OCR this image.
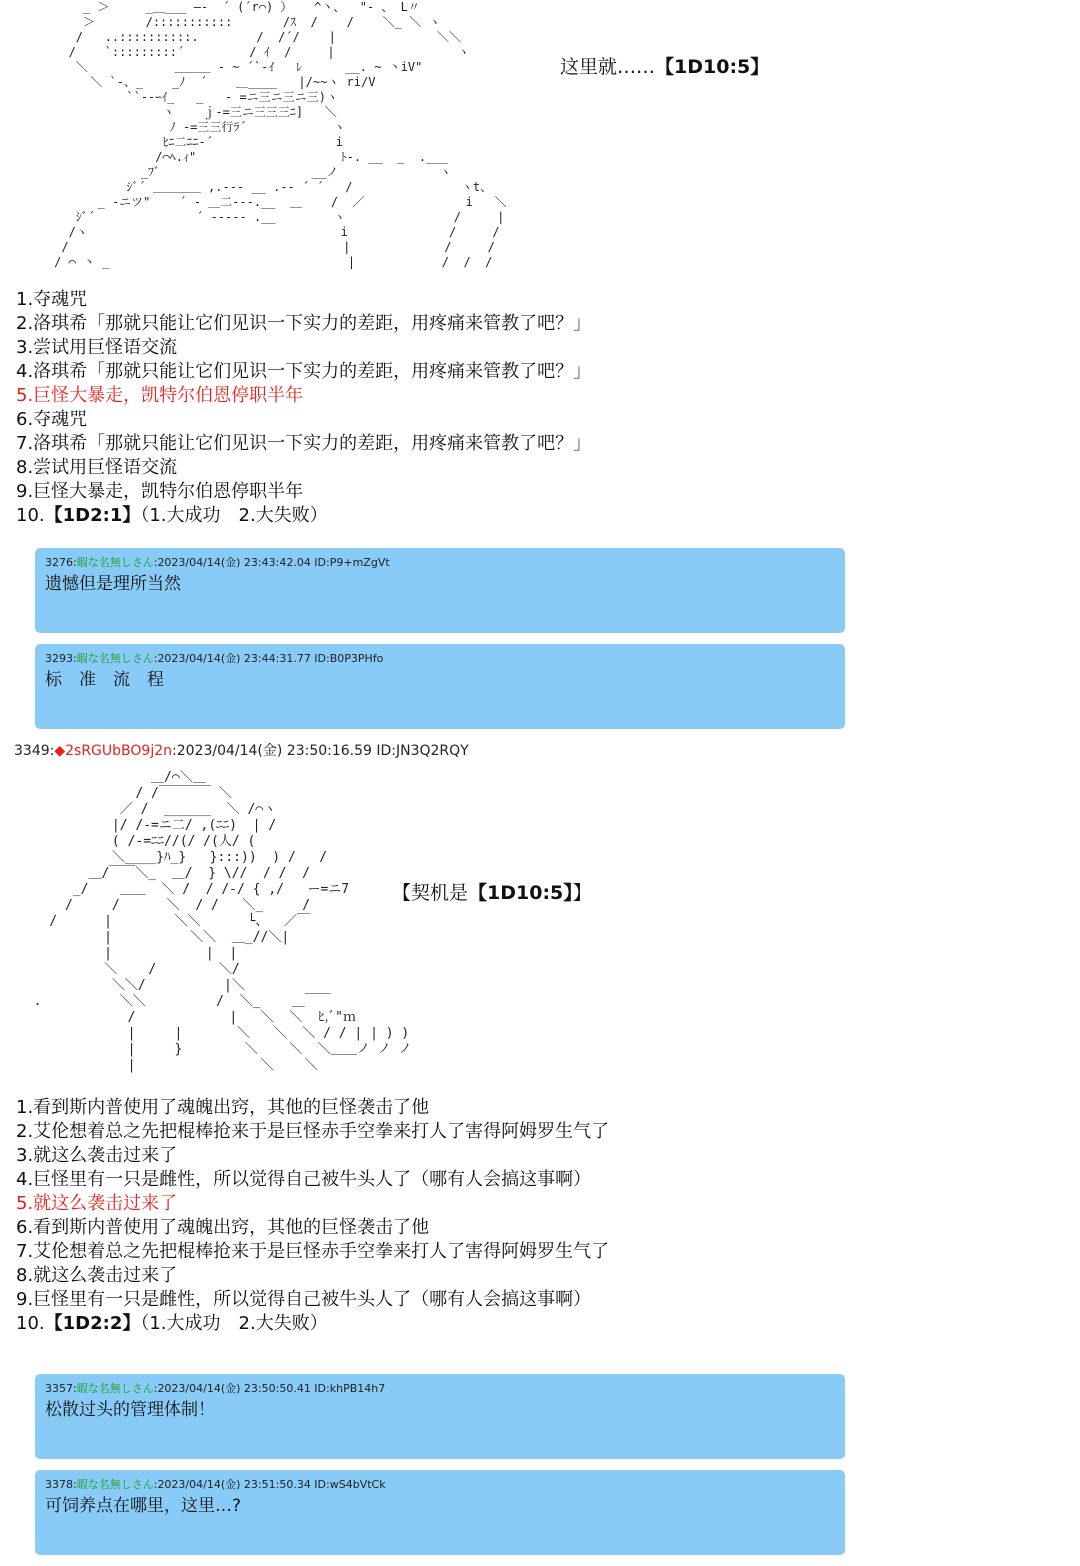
_ ＞     _＿___ ―‐  ´ (´r⌒) ）   ^丶、  "‐ 、 L〃
＞       /:::::::::::       /ｽ  /    /    ＼_ ＼ ヽ
/   ..::::::::::.        /  /´/    |              ＼＼
/    `:::::::::´         / ｲ  /     |                 ヽ
＼            ＿＿＿ ‐ ~ ´`‐ｲ   ﾚ      __. ~ 丶iV"
＼ `‐、_    _ﾉ  ´    ＿____   |/~~ヽ ri/V
``‐‐ｰｲ_   _   ‐ =ニ三ニ三ニ三)ヽ
ヽ    ｊ-=三ニ三三三ﾆ]   ＼
ﾉ -=三三行ﾗ´            ヽ
ﾋﾆ二ﾆﾆ‐´                 i
/⌒ﾍ.ｨ"                    ﾄ-. __  _  .___
_ﾌﾞ                     __ノ              ヽ
ｼﾞ´ ＿＿＿＿ ,.-‐‐ __ .-‐ ´ ´   /               ヽt、
_ -ニツ"    ´ ‐ ＿二-‐-.__  ＿    /  ／              i   ＼
ｼﾞ´              ´ ‐‐--- .__        ヽ               /     |
/ヽ                                   i              /     /
/                                      |             /     /
/ ⌒ 丶 _                                 |            /  /  /
这里就……【1D10:5】
1.夺魂咒
2.洛琪希「那就只能让它们见识一下实力的差距，用疼痛来管教了吧？」
3.尝试用巨怪语交流
4.洛琪希「那就只能让它们见识一下实力的差距，用疼痛来管教了吧？」
5.巨怪大暴走，凯特尔伯恩停职半年
6.夺魂咒
7.洛琪希「那就只能让它们见识一下实力的差距，用疼痛来管教了吧？」
8.尝试用巨怪语交流
9.巨怪大暴走，凯特尔伯恩停职半年
10.【1D2:1】（1.大成功　2.大失败）
3276:暇な名無しさん:2023/04/14(金) 23:43:42.04 ID:P9+mZgVt
遗憾但是理所当然
3293:暇な名無しさん:2023/04/14(金) 23:44:31.77 ID:B0P3PHfo
标　准　流　程
3349:◆2sRGUbBO9j2n:2023/04/14(金) 23:50:16.59 ID:JN3Q2RQY
＿/⌒＼＿
/ /￣￣￣￣ ＼
／ /  ______  ＼ /⌒ヽ
|/ /‐=ニ二/ ,(ﾆﾆ)  | /
( /‐=ﾆﾆ//(/ /(人/ (
＼____}ﾊ_}   }:::))  ) /   /
＿/￣￣＼_  ＿/  } \//  / /  /
_/    ＿＿  ＼ /  / /‐/ { ,/   ー=ニ7
/     /      ＼  / /   ＼_     /
/      |        ＼＼      └、  ／￣
|          ＼＼  ＿_//＼|
|            |  |
＼    /        ＼/
＼＼/          |＼
.          ＼＼         /  ＼_    ＿￣￣
/            |   ＼  ＼  ﾋ,ﾞ"ｍ
|     |       ＼   ＼  ＼ / / | | ) )
|     }        ＼    ＼  ＼＿＿ノ ノ ノ
|                ＼    ＼
【契机是【1D10:5】】
1.看到斯内普使用了魂魄出窍，其他的巨怪袭击了他
2.艾伦想着总之先把棍棒抢来于是巨怪赤手空拳来打人了害得阿姆罗生气了
3.就这么袭击过来了
4.巨怪里有一只是雌性，所以觉得自己被牛头人了（哪有人会搞这事啊）
5.就这么袭击过来了
6.看到斯内普使用了魂魄出窍，其他的巨怪袭击了他
7.艾伦想着总之先把棍棒抢来于是巨怪赤手空拳来打人了害得阿姆罗生气了
8.就这么袭击过来了
9.巨怪里有一只是雌性，所以觉得自己被牛头人了（哪有人会搞这事啊）
10.【1D2:2】（1.大成功　2.大失败）
3357:暇な名無しさん:2023/04/14(金) 23:50:50.41 ID:khPB14h7
松散过头的管理体制！
3378:暇な名無しさん:2023/04/14(金) 23:51:50.34 ID:wS4bVtCk
可饲养点在哪里，这里…?
